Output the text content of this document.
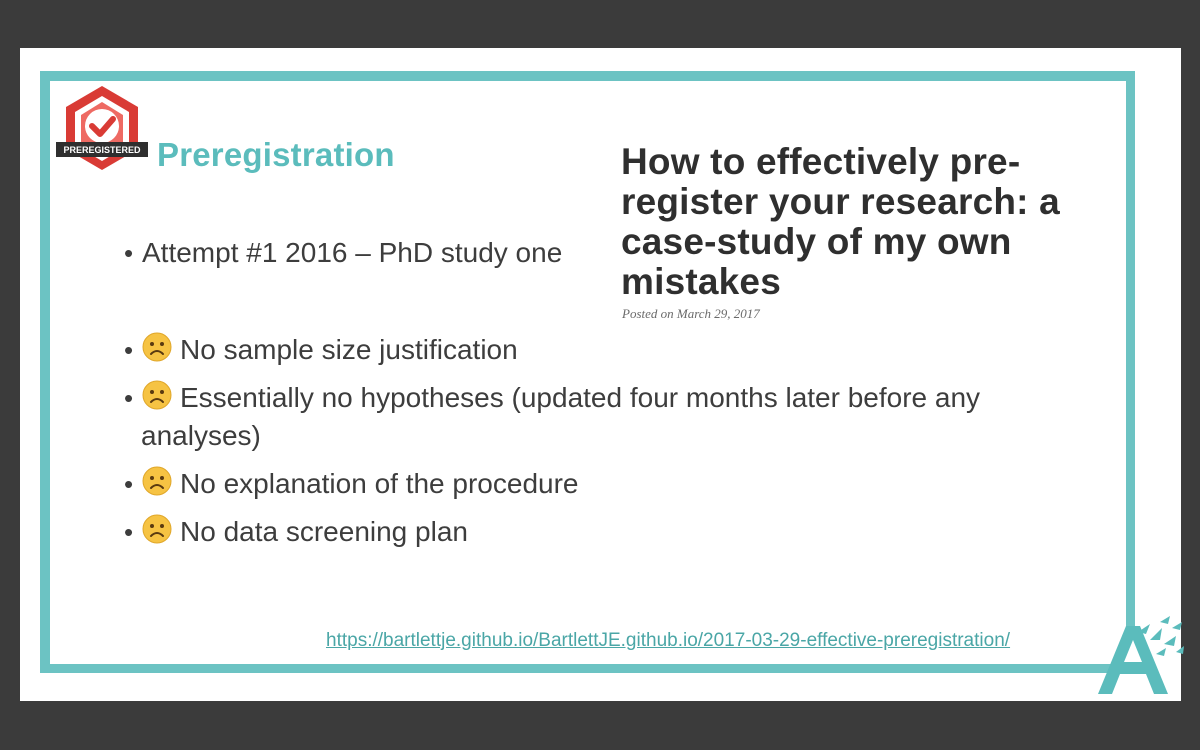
PREREGISTERED Preregistration
• Attempt #1 2016 – PhD study one
How to effectively pre-register your research: a case-study of my own mistakes
Posted on March 29, 2017
• No sample size justification
• Essentially no hypotheses (updated four months later before any
analyses)
• No explanation of the procedure
• No data screening plan
https://bartlettje.github.io/BartlettJE.github.io/2017-03-29-effective-preregistration/
